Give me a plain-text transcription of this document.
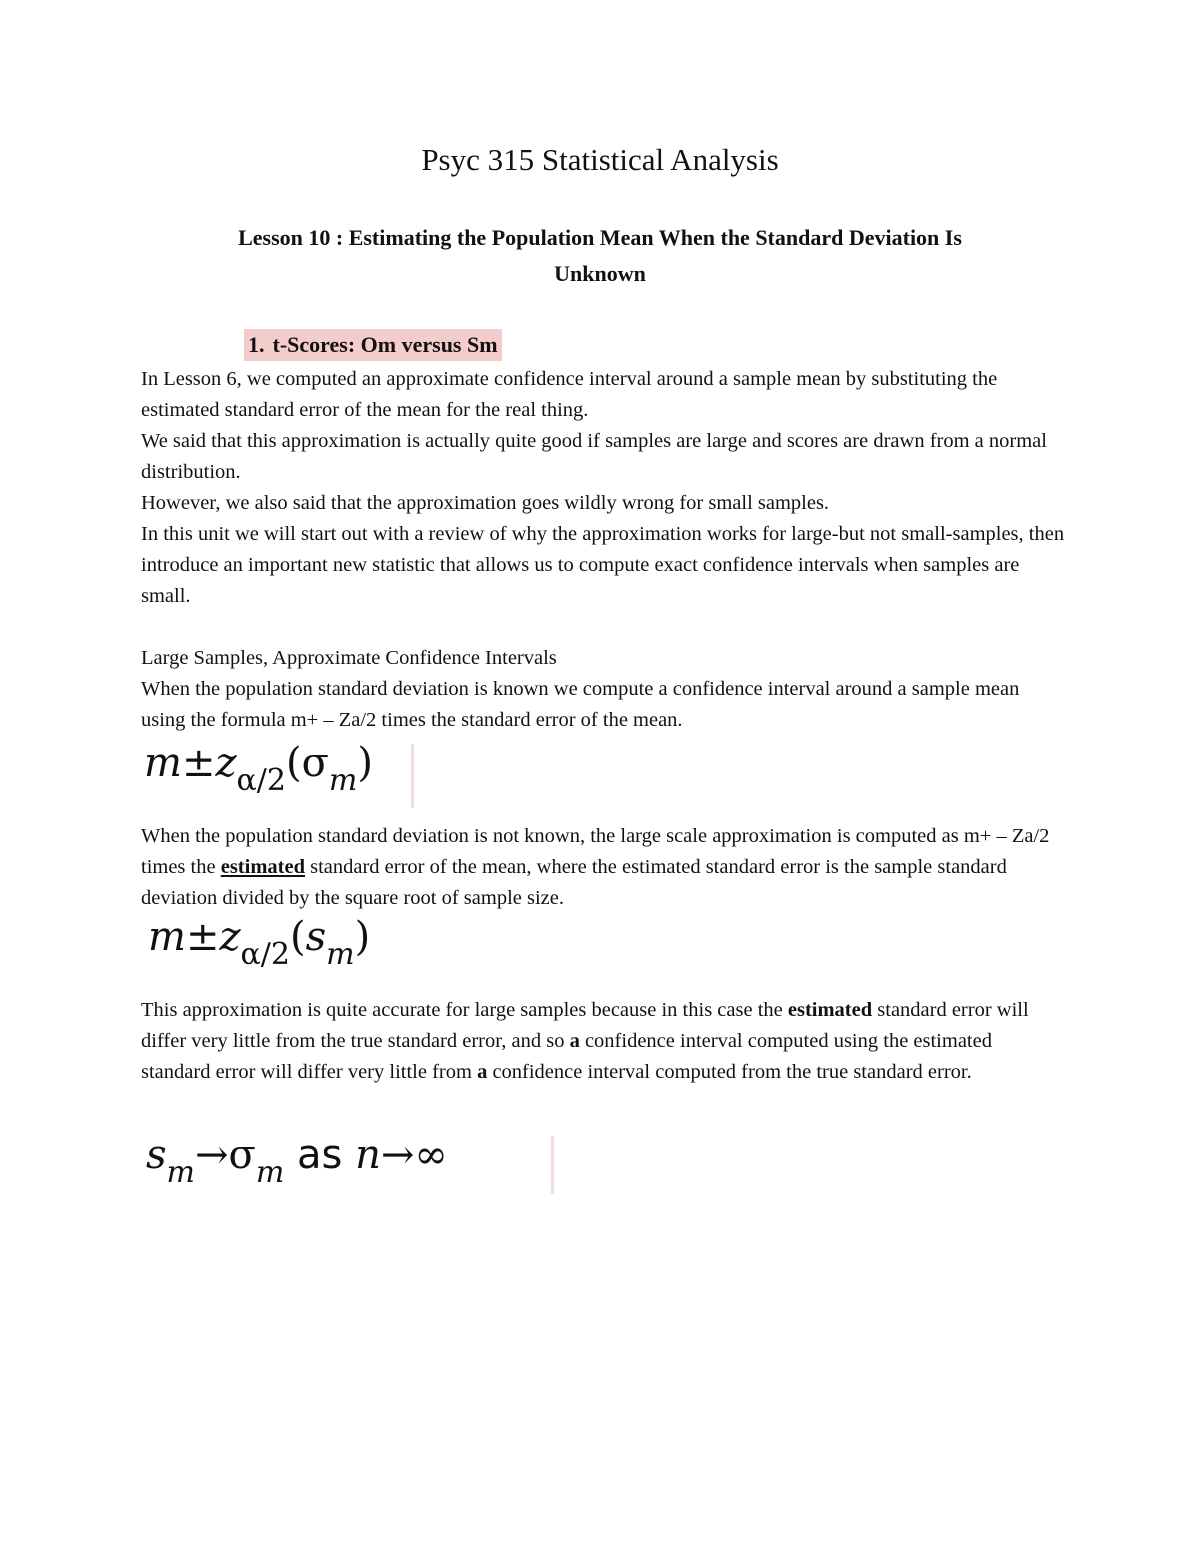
Psyc 315 Statistical Analysis
Lesson 10 : Estimating the Population Mean When the Standard Deviation Is
Unknown
1. t-Scores: Om versus Sm

In Lesson 6, we computed an approximate confidence interval around a sample mean by substituting the estimated standard error of the mean for the real thing.

We said that this approximation is actually quite good if samples are large and scores are drawn from a normal distribution.

However, we also said that the approximation goes wildly wrong for small samples.

In this unit we will start out with a review of why the approximation works for large-but not small-samples, then introduce an important new statistic that allows us to compute exact confidence intervals when samples are small.

Large Samples, Approximate Confidence Intervals

When the population standard deviation is known we compute a confidence interval around a sample mean using the formula m+ – Za/2 times the standard error of the mean.

$m\pm z_{\alpha/2}(\sigma_m)$

When the population standard deviation is not known, the large scale approximation is computed as m+ – Za/2 times the estimated standard error of the mean, where the estimated standard error is the sample standard deviation divided by the square root of sample size.

$m\pm z_{\alpha/2}(s_m)$

This approximation is quite accurate for large samples because in this case the estimated standard error will differ very little from the true standard error, and so a confidence interval computed using the estimated standard error will differ very little from a confidence interval computed from the true standard error.

$s_m\to\sigma_m$ as n→∞
